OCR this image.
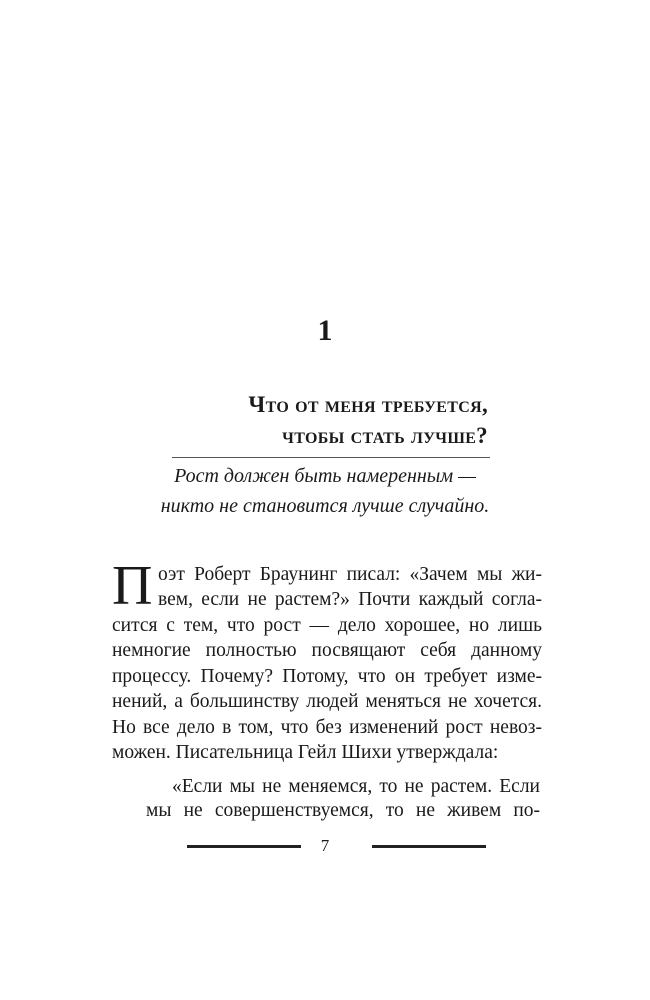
1
Что от меня требуется,
чтобы стать лучше?
Рост должен быть намеренным —
никто не становится лучше случайно.
П оэт Роберт Браунинг писал: «Зачем мы жи-
вем, если не растем?» Почти каждый согла-
сится с тем, что рост — дело хорошее, но лишь
немногие полностью посвящают себя данному
процессу. Почему? Потому, что он требует изме-
нений, а большинству людей меняться не хочется.
Но все дело в том, что без изменений рост невоз-
можен. Писательница Гейл Шихи утверждала:
«Если мы не меняемся, то не растем. Если
мы не совершенствуемся, то не живем по-
7
